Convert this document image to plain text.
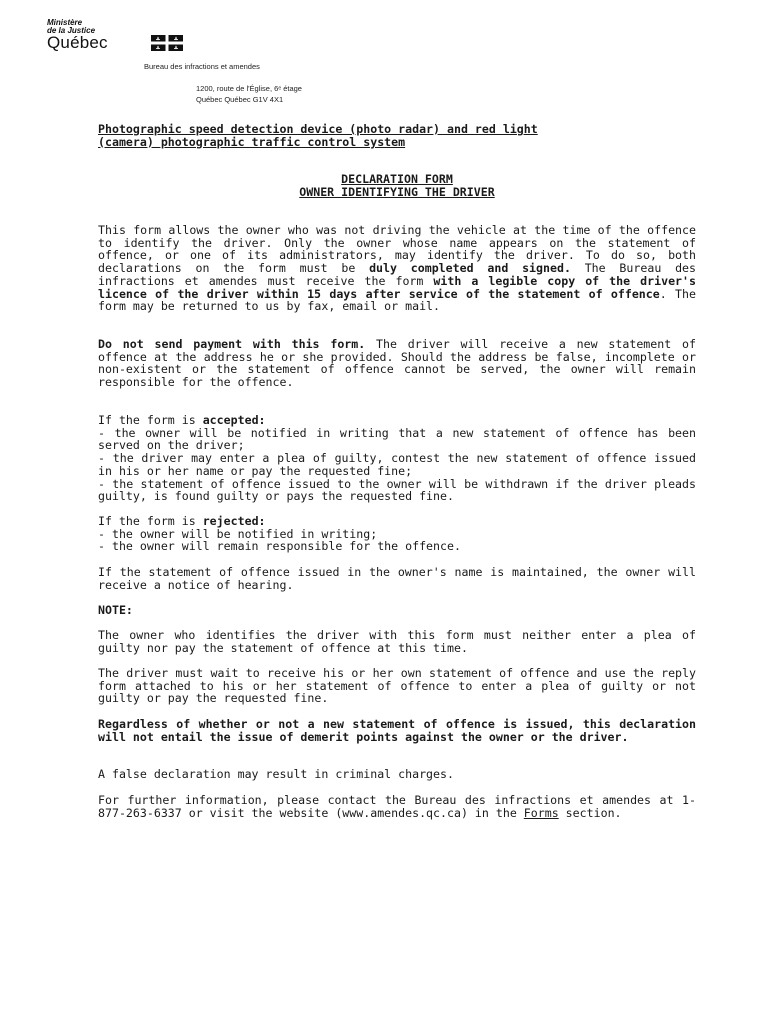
Ministère
de la Justice
Québec
Bureau des infractions et amendes
1200, route de l'Église, 6ᵉ étage
Québec Québec G1V 4X1

Photographic speed detection device (photo radar) and red light

(camera) photographic traffic control system

DECLARATION FORM

OWNER IDENTIFYING THE DRIVER

This form allows the owner who was not driving the vehicle at the time of the offence to identify the driver. Only the owner whose name appears on the statement of offence, or one of its administrators, may identify the driver. To do so, both declarations on the form must be duly completed and signed. The Bureau des infractions et amendes must receive the form with a legible copy of the driver's licence of the driver within 15 days after service of the statement of offence. The form may be returned to us by fax, email or mail.

Do not send payment with this form. The driver will receive a new statement of offence at the address he or she provided. Should the address be false, incomplete or non-existent or the statement of offence cannot be served, the owner will remain responsible for the offence.

If the form is accepted:

- the owner will be notified in writing that a new statement of offence has been served on the driver;

- the driver may enter a plea of guilty, contest the new statement of offence issued in his or her name or pay the requested fine;

- the statement of offence issued to the owner will be withdrawn if the driver pleads guilty, is found guilty or pays the requested fine.

If the form is rejected:

- the owner will be notified in writing;

- the owner will remain responsible for the offence.

If the statement of offence issued in the owner's name is maintained, the owner will receive a notice of hearing.

NOTE:

The owner who identifies the driver with this form must neither enter a plea of guilty nor pay the statement of offence at this time.

The driver must wait to receive his or her own statement of offence and use the reply form attached to his or her statement of offence to enter a plea of guilty or not guilty or pay the requested fine.

Regardless of whether or not a new statement of offence is issued, this declaration will not entail the issue of demerit points against the owner or the driver.

A false declaration may result in criminal charges.

For further information, please contact the Bureau des infractions et amendes at 1-877-263-6337 or visit the website (www.amendes.qc.ca) in the Forms section.
